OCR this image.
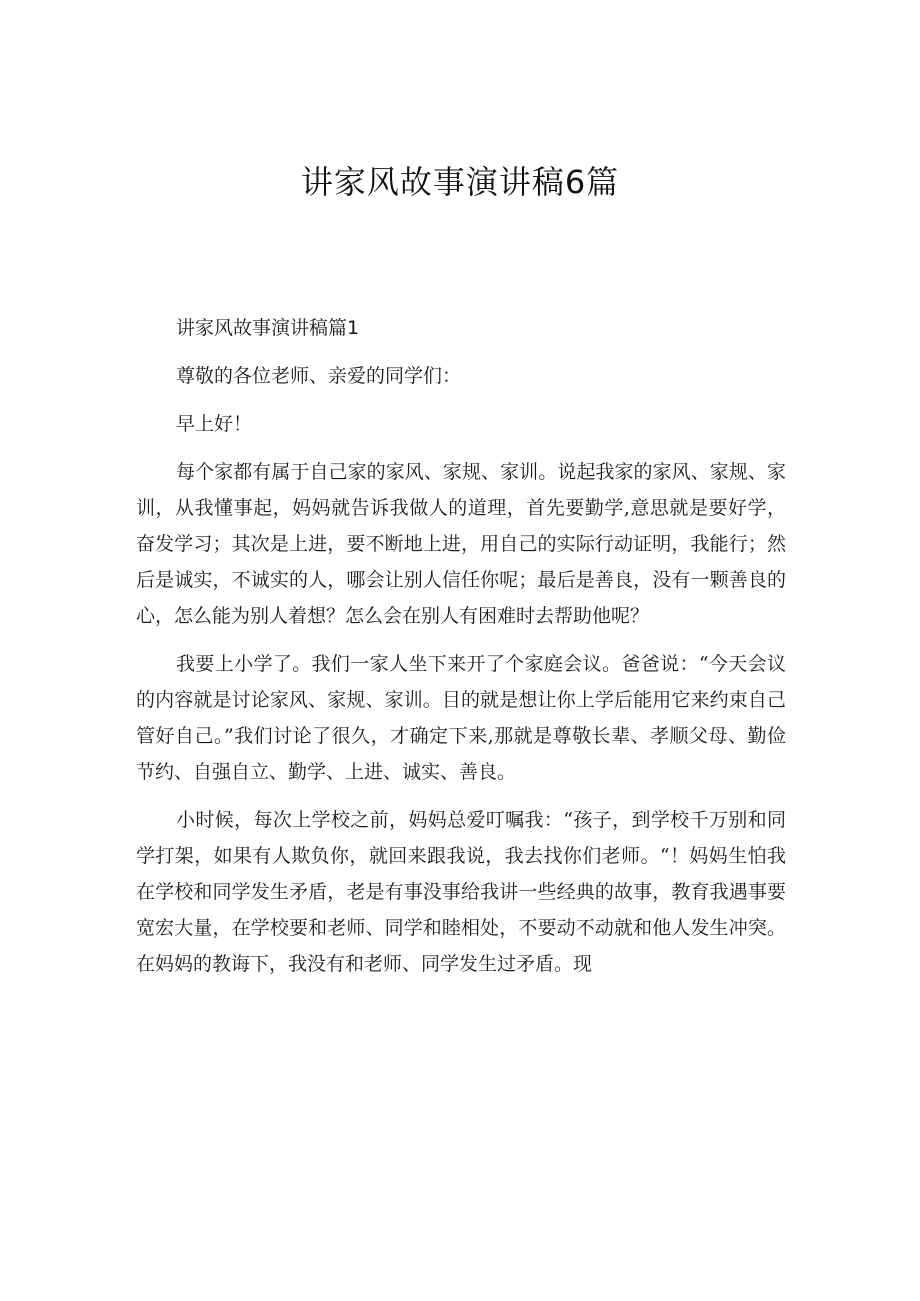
讲家风故事演讲稿6篇

讲家风故事演讲稿篇1

尊敬的各位老师、亲爱的同学们：

早上好！

每个家都有属于自己家的家风、家规、家训。说起我家的家风、家规、家训，从我懂事起，妈妈就告诉我做人的道理，首先要勤学,意思就是要好学，奋发学习；其次是上进，要不断地上进，用自己的实际行动证明，我能行；然后是诚实，不诚实的人，哪会让别人信任你呢；最后是善良，没有一颗善良的心，怎么能为别人着想？怎么会在别人有困难时去帮助他呢？

我要上小学了。我们一家人坐下来开了个家庭会议。爸爸说：“今天会议的内容就是讨论家风、家规、家训。目的就是想让你上学后能用它来约束自己管好自己。”我们讨论了很久，才确定下来,那就是尊敬长辈、孝顺父母、勤俭节约、自强自立、勤学、上进、诚实、善良。

小时候，每次上学校之前，妈妈总爱叮嘱我：“孩子，到学校千万别和同学打架，如果有人欺负你，就回来跟我说，我去找你们老师。“！妈妈生怕我在学校和同学发生矛盾，老是有事没事给我讲一些经典的故事，教育我遇事要宽宏大量，在学校要和老师、同学和睦相处，不要动不动就和他人发生冲突。在妈妈的教诲下，我没有和老师、同学发生过矛盾。现
